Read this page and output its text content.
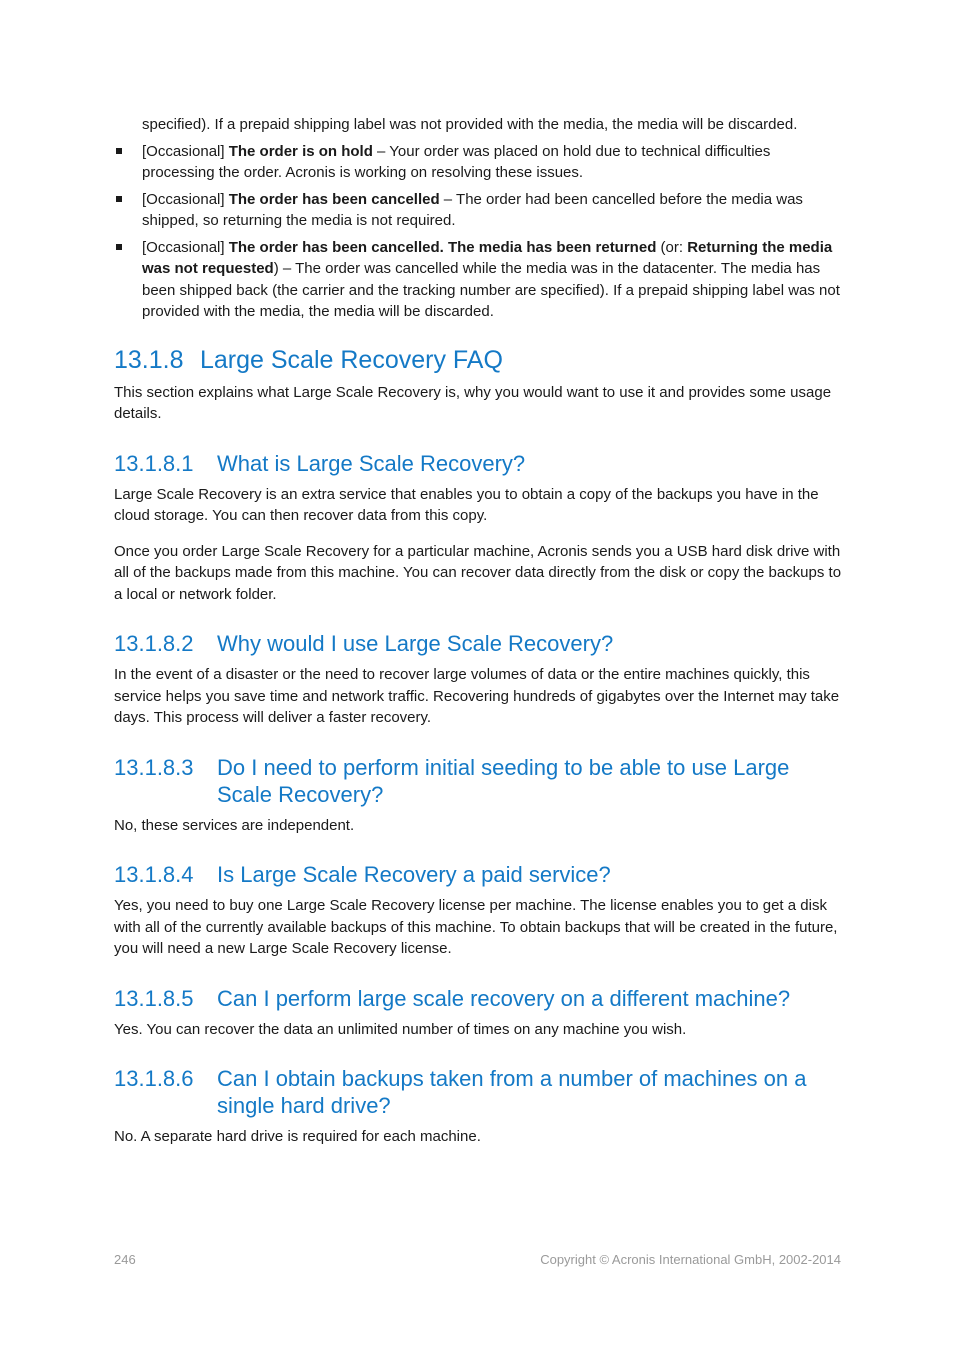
specified). If a prepaid shipping label was not provided with the media, the media will be discarded.

[Occasional] The order is on hold – Your order was placed on hold due to technical difficulties processing the order. Acronis is working on resolving these issues.
[Occasional] The order has been cancelled – The order had been cancelled before the media was shipped, so returning the media is not required.
[Occasional] The order has been cancelled. The media has been returned (or: Returning the media was not requested) – The order was cancelled while the media was in the datacenter. The media has been shipped back (the carrier and the tracking number are specified). If a prepaid shipping label was not provided with the media, the media will be discarded.
13.1.8 Large Scale Recovery FAQ

This section explains what Large Scale Recovery is, why you would want to use it and provides some usage details.

13.1.8.1	What is Large Scale Recovery?

Large Scale Recovery is an extra service that enables you to obtain a copy of the backups you have in the cloud storage. You can then recover data from this copy.

Once you order Large Scale Recovery for a particular machine, Acronis sends you a USB hard disk drive with all of the backups made from this machine. You can recover data directly from the disk or copy the backups to a local or network folder.

13.1.8.2	Why would I use Large Scale Recovery?

In the event of a disaster or the need to recover large volumes of data or the entire machines quickly, this service helps you save time and network traffic. Recovering hundreds of gigabytes over the Internet may take days. This process will deliver a faster recovery.

13.1.8.3	Do I need to perform initial seeding to be able to use Large Scale Recovery?

No, these services are independent.

13.1.8.4	Is Large Scale Recovery a paid service?

Yes, you need to buy one Large Scale Recovery license per machine. The license enables you to get a disk with all of the currently available backups of this machine. To obtain backups that will be created in the future, you will need a new Large Scale Recovery license.

13.1.8.5	Can I perform large scale recovery on a different machine?

Yes. You can recover the data an unlimited number of times on any machine you wish.

13.1.8.6	Can I obtain backups taken from a number of machines on a single hard drive?

No. A separate hard drive is required for each machine.

246	Copyright © Acronis International GmbH, 2002-2014
